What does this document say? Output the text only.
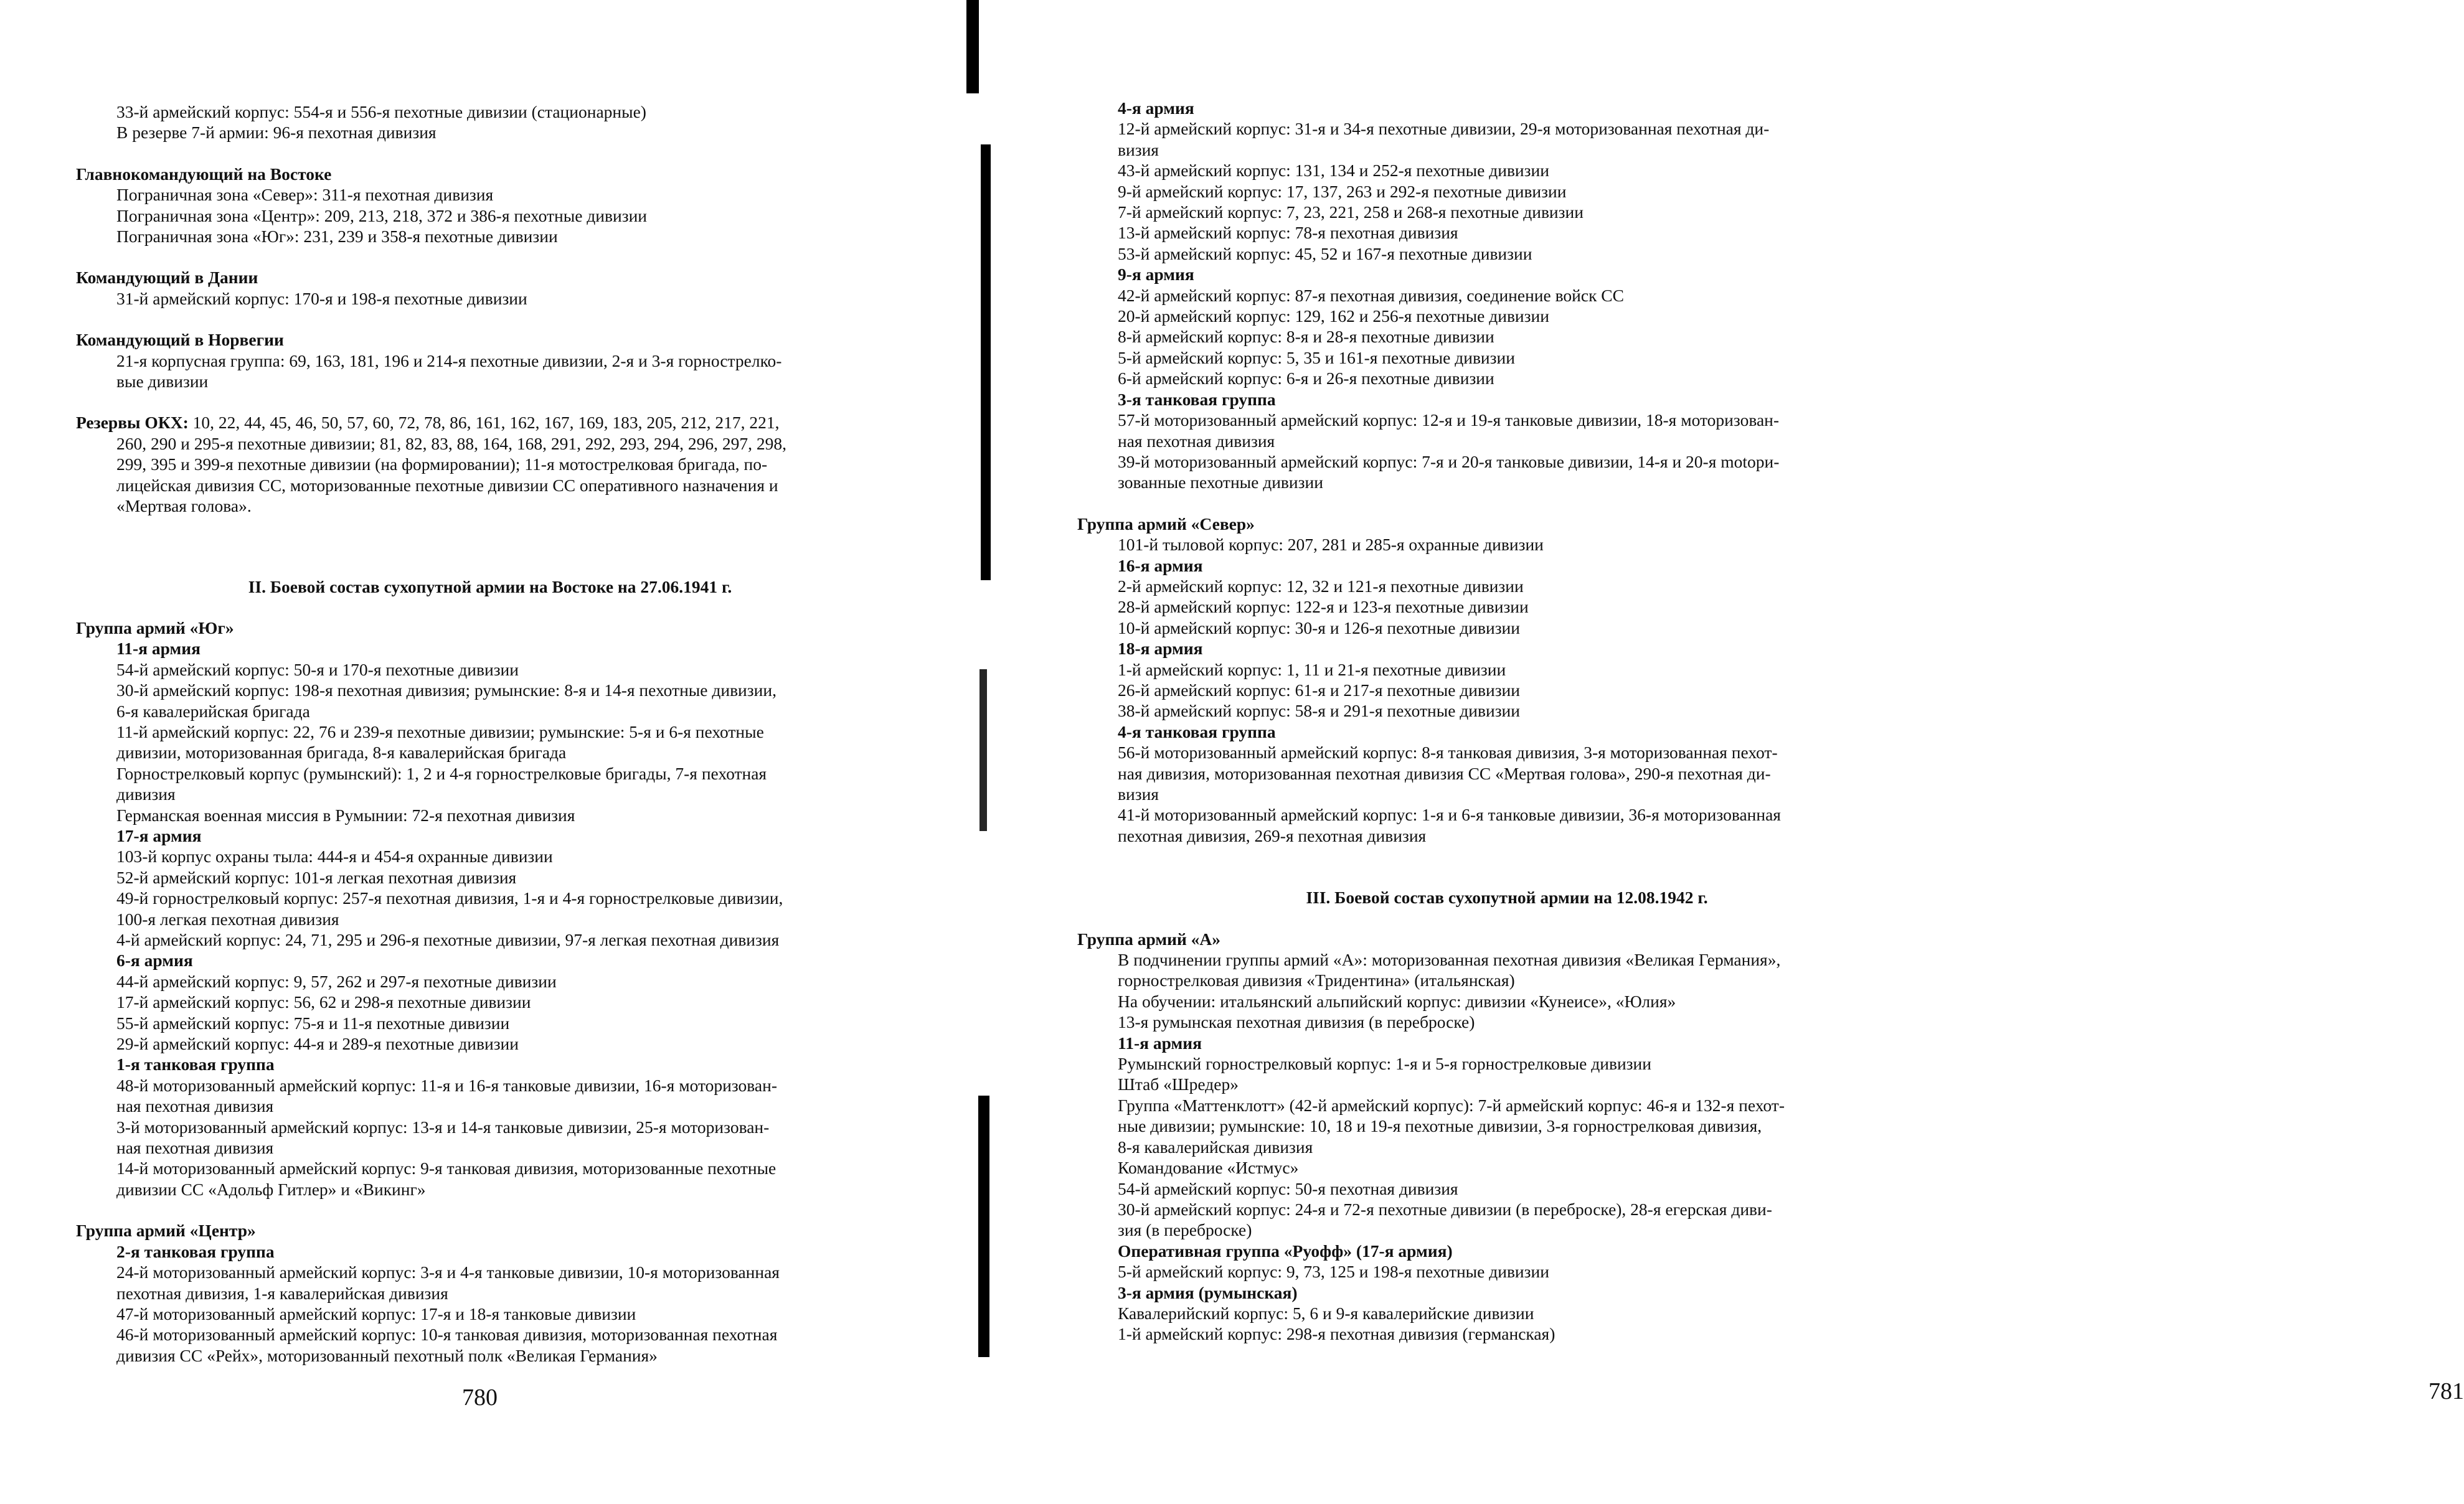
33-й армейский корпус: 554-я и 556-я пехотные дивизии (стационарные)
В резерве 7-й армии: 96-я пехотная дивизия
Главнокомандующий на Востоке
Пограничная зона «Север»: 311-я пехотная дивизия
Пограничная зона «Центр»: 209, 213, 218, 372 и 386-я пехотные дивизии
Пограничная зона «Юг»: 231, 239 и 358-я пехотные дивизии
Командующий в Дании
31-й армейский корпус: 170-я и 198-я пехотные дивизии
Командующий в Норвегии
21-я корпусная группа: 69, 163, 181, 196 и 214-я пехотные дивизии, 2-я и 3-я горнострелко-
вые дивизии
Резервы ОКХ: 10, 22, 44, 45, 46, 50, 57, 60, 72, 78, 86, 161, 162, 167, 169, 183, 205, 212, 217, 221,
260, 290 и 295-я пехотные дивизии; 81, 82, 83, 88, 164, 168, 291, 292, 293, 294, 296, 297, 298,
299, 395 и 399-я пехотные дивизии (на формировании); 11-я мотострелковая бригада, по-
лицейская дивизия СС, моторизованные пехотные дивизии СС оперативного назначения и
«Мертвая голова».
II. Боевой состав сухопутной армии на Востоке на 27.06.1941 г.
Группа армий «Юг»
11-я армия
54-й армейский корпус: 50-я и 170-я пехотные дивизии
30-й армейский корпус: 198-я пехотная дивизия; румынские: 8-я и 14-я пехотные дивизии,
6-я кавалерийская бригада
11-й армейский корпус: 22, 76 и 239-я пехотные дивизии; румынские: 5-я и 6-я пехотные
дивизии, моторизованная бригада, 8-я кавалерийская бригада
Горнострелковый корпус (румынский): 1, 2 и 4-я горнострелковые бригады, 7-я пехотная
дивизия
Германская военная миссия в Румынии: 72-я пехотная дивизия
17-я армия
103-й корпус охраны тыла: 444-я и 454-я охранные дивизии
52-й армейский корпус: 101-я легкая пехотная дивизия
49-й горнострелковый корпус: 257-я пехотная дивизия, 1-я и 4-я горнострелковые дивизии,
100-я легкая пехотная дивизия
4-й армейский корпус: 24, 71, 295 и 296-я пехотные дивизии, 97-я легкая пехотная дивизия
6-я армия
44-й армейский корпус: 9, 57, 262 и 297-я пехотные дивизии
17-й армейский корпус: 56, 62 и 298-я пехотные дивизии
55-й армейский корпус: 75-я и 11-я пехотные дивизии
29-й армейский корпус: 44-я и 289-я пехотные дивизии
1-я танковая группа
48-й моторизованный армейский корпус: 11-я и 16-я танковые дивизии, 16-я моторизован-
ная пехотная дивизия
3-й моторизованный армейский корпус: 13-я и 14-я танковые дивизии, 25-я моторизован-
ная пехотная дивизия
14-й моторизованный армейский корпус: 9-я танковая дивизия, моторизованные пехотные
дивизии СС «Адольф Гитлер» и «Викинг»
Группа армий «Центр»
2-я танковая группа
24-й моторизованный армейский корпус: 3-я и 4-я танковые дивизии, 10-я моторизованная
пехотная дивизия, 1-я кавалерийская дивизия
47-й моторизованный армейский корпус: 17-я и 18-я танковые дивизии
46-й моторизованный армейский корпус: 10-я танковая дивизия, моторизованная пехотная
дивизия СС «Рейх», моторизованный пехотный полк «Великая Германия»
780
4-я армия
12-й армейский корпус: 31-я и 34-я пехотные дивизии, 29-я моторизованная пехотная ди-
визия
43-й армейский корпус: 131, 134 и 252-я пехотные дивизии
9-й армейский корпус: 17, 137, 263 и 292-я пехотные дивизии
7-й армейский корпус: 7, 23, 221, 258 и 268-я пехотные дивизии
13-й армейский корпус: 78-я пехотная дивизия
53-й армейский корпус: 45, 52 и 167-я пехотные дивизии
9-я армия
42-й армейский корпус: 87-я пехотная дивизия, соединение войск СС
20-й армейский корпус: 129, 162 и 256-я пехотные дивизии
8-й армейский корпус: 8-я и 28-я пехотные дивизии
5-й армейский корпус: 5, 35 и 161-я пехотные дивизии
6-й армейский корпус: 6-я и 26-я пехотные дивизии
3-я танковая группа
57-й моторизованный армейский корпус: 12-я и 19-я танковые дивизии, 18-я моторизован-
ная пехотная дивизия
39-й моторизованный армейский корпус: 7-я и 20-я танковые дивизии, 14-я и 20-я motори-
зованные пехотные дивизии
Группа армий «Север»
101-й тыловой корпус: 207, 281 и 285-я охранные дивизии
16-я армия
2-й армейский корпус: 12, 32 и 121-я пехотные дивизии
28-й армейский корпус: 122-я и 123-я пехотные дивизии
10-й армейский корпус: 30-я и 126-я пехотные дивизии
18-я армия
1-й армейский корпус: 1, 11 и 21-я пехотные дивизии
26-й армейский корпус: 61-я и 217-я пехотные дивизии
38-й армейский корпус: 58-я и 291-я пехотные дивизии
4-я танковая группа
56-й моторизованный армейский корпус: 8-я танковая дивизия, 3-я моторизованная пехот-
ная дивизия, моторизованная пехотная дивизия СС «Мертвая голова», 290-я пехотная ди-
визия
41-й моторизованный армейский корпус: 1-я и 6-я танковые дивизии, 36-я моторизованная
пехотная дивизия, 269-я пехотная дивизия
III. Боевой состав сухопутной армии на 12.08.1942 г.
Группа армий «А»
В подчинении группы армий «А»: моторизованная пехотная дивизия «Великая Германия»,
горнострелковая дивизия «Тридентина» (итальянская)
На обучении: итальянский альпийский корпус: дивизии «Кунеисе», «Юлия»
13-я румынская пехотная дивизия (в переброске)
11-я армия
Румынский горнострелковый корпус: 1-я и 5-я горнострелковые дивизии
Штаб «Шредер»
Группа «Маттенклотт» (42-й армейский корпус): 7-й армейский корпус: 46-я и 132-я пехот-
ные дивизии; румынские: 10, 18 и 19-я пехотные дивизии, 3-я горнострелковая дивизия,
8-я кавалерийская дивизия
Командование «Истмус»
54-й армейский корпус: 50-я пехотная дивизия
30-й армейский корпус: 24-я и 72-я пехотные дивизии (в переброске), 28-я егерская диви-
зия (в переброске)
Оперативная группа «Руофф» (17-я армия)
5-й армейский корпус: 9, 73, 125 и 198-я пехотные дивизии
3-я армия (румынская)
Кавалерийский корпус: 5, 6 и 9-я кавалерийские дивизии
1-й армейский корпус: 298-я пехотная дивизия (германская)
781
